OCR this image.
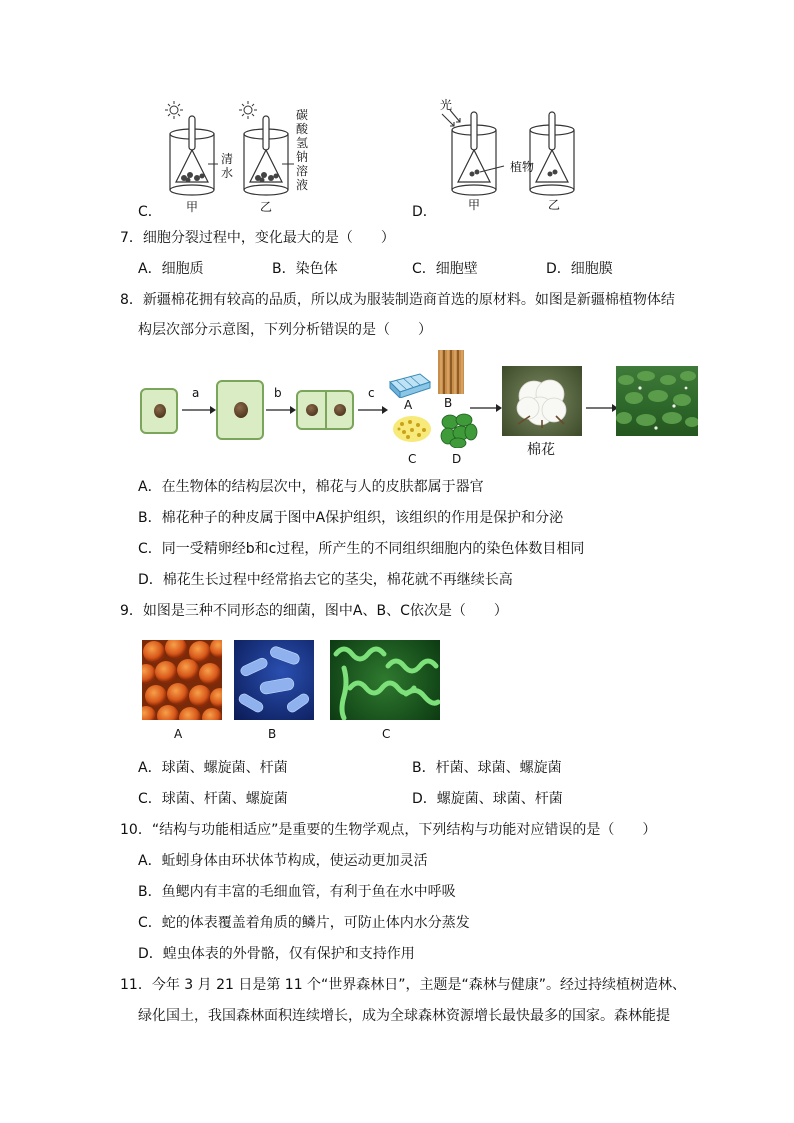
C．
清水
碳酸氢钠溶液
甲	乙	D．
光
植物
甲	乙
7．细胞分裂过程中，变化最大的是（　　）
A．细胞质	B．染色体	C．细胞壁	D．细胞膜
8．新疆棉花拥有较高的品质，所以成为服装制造商首选的原材料。如图是新疆棉植物体结
构层次部分示意图，下列分析错误的是（　　）
a	b	c
A	B
C	D
棉花
A．在生物体的结构层次中，棉花与人的皮肤都属于器官
B．棉花种子的种皮属于图中A保护组织，该组织的作用是保护和分泌
C．同一受精卵经b和c过程，所产生的不同组织细胞内的染色体数目相同
D．棉花生长过程中经常掐去它的茎尖，棉花就不再继续长高
9．如图是三种不同形态的细菌，图中A、B、C依次是（　　）
A	B	C
A．球菌、螺旋菌、杆菌	B．杆菌、球菌、螺旋菌
C．球菌、杆菌、螺旋菌	D．螺旋菌、球菌、杆菌
10．“结构与功能相适应”是重要的生物学观点，下列结构与功能对应错误的是（　　）
A．蚯蚓身体由环状体节构成，使运动更加灵活
B．鱼鳃内有丰富的毛细血管，有利于鱼在水中呼吸
C．蛇的体表覆盖着角质的鳞片，可防止体内水分蒸发
D．蝗虫体表的外骨骼，仅有保护和支持作用
11．今年 3 月 21 日是第 11 个“世界森林日”，主题是“森林与健康”。经过持续植树造林、
绿化国土，我国森林面积连续增长，成为全球森林资源增长最快最多的国家。森林能提
